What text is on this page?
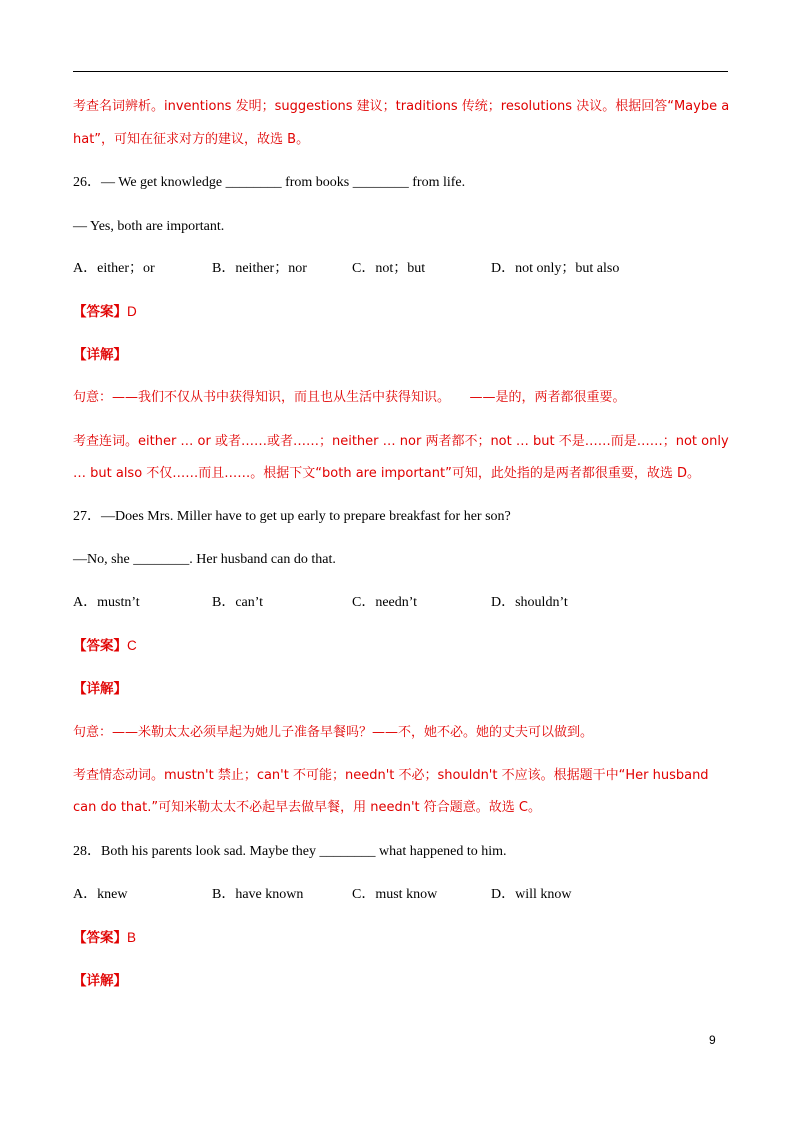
考查名词辨析。inventions 发明；suggestions 建议；traditions 传统；resolutions 决议。根据回答“Maybe a
hat”，可知在征求对方的建议，故选 B。
26．— We get knowledge ________ from books ________ from life.
— Yes, both are important.
A．either；or	B．neither；nor	C．not；but	D．not only；but also
【答案】D
【详解】
句意：——我们不仅从书中获得知识，而且也从生活中获得知识。　　——是的，两者都很重要。
考查连词。either … or 或者……或者……；neither … nor 两者都不；not … but 不是……而是……；not only
… but also 不仅……而且……。根据下文“both are important”可知，此处指的是两者都很重要，故选 D。
27．—Does Mrs. Miller have to get up early to prepare breakfast for her son?
—No, she ________. Her husband can do that.
A．mustn’t	B．can’t	C．needn’t	D．shouldn’t
【答案】C
【详解】
句意：——米勒太太必须早起为她儿子准备早餐吗？——不，她不必。她的丈夫可以做到。
考查情态动词。mustn't 禁止；can't 不可能；needn't 不必；shouldn't 不应该。根据题干中“Her husband
can do that.”可知米勒太太不必起早去做早餐，用 needn't 符合题意。故选 C。
28．Both his parents look sad. Maybe they ________ what happened to him.
A．knew	B．have known	C．must know	D．will know
【答案】B
【详解】
9
